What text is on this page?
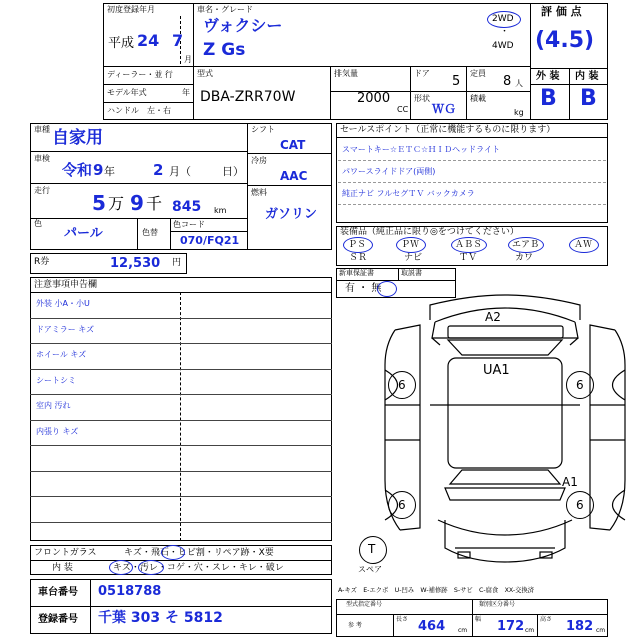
初度登録年月
平成 24 7
月
車名・グレード
ヴォクシー
Z Gs
2WD
・
4WD
評 価 点
(4.5)
ディーラー・並 行
モデル年式	年
ハンドル　左・右
型式
DBA-ZRR70W
排気量
2000
CC
ドア
5
定員
8 人
形状
ＷＧ
積載
kg
外 装 内 装
B B
車種 自家用
車検
令和 9 年	2 月（	日）
走行
5 万 9 千 845 km
色
パール	色替
色コード
070/FQ21
シフト
CAT
冷房
AAC
燃料
ガソリン
R券	12,530 円
セールスポイント（正常に機能するものに限ります）
スマートキー☆ＥＴＣ☆ＨＩＤヘッドライト
パワースライドドア(両側)
純正ナビ フルセグＴＶ バックカメラ
装備品（純正品に限り◎をつけてください）
ＰＳ	ＰＷ	ＡＢＳ	エアＢ	ＡＷ
ＳＲ	ナビ	ＴＶ	カワ
新車保証書	取説書
有 ・ 無
注意事項申告欄
外装 小A・小U
ドアミラー キズ
ホイール キズ
シートシミ
室内 汚れ
内張り キズ
フロントガラス	キズ・飛石・ヒビ割・リペア跡・X要
内 装	キズ・汚レ・コゲ・穴・スレ・キレ・破レ
車台番号 0518788
登録番号 千葉 303 そ 5812
A-キズ　E-エクボ　U-凹み　W-補修跡　S-サビ　C-腐食　XX-交換済
型式指定番号	類別区分番号
参 考
長さ 464 cm
幅 172 cm
高さ 182 cm
A2
UA1
A1
6	6
6	6
T
スペア
